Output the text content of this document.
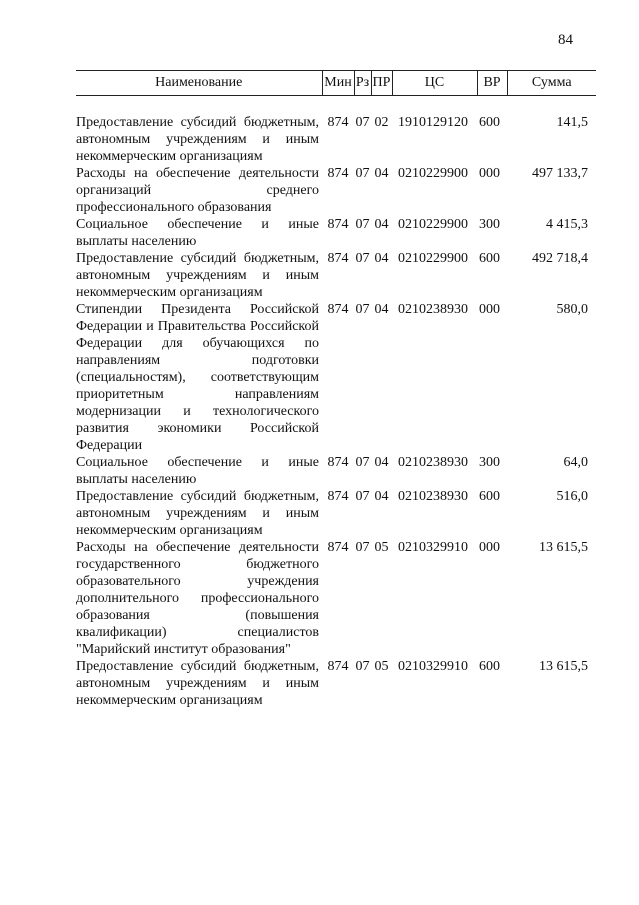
84
Наименование	Мин	Рз	ПР	ЦС	ВР	Сумма

Предоставление субсидий бюджетным, автономным учреждениям и иным некоммерческим организациям	874	07	02	1910129120	600	141,5
Расходы на обеспечение деятельности организаций среднего профессионального образования	874	07	04	0210229900	000	497 133,7
Социальное обеспечение и иные выплаты населению	874	07	04	0210229900	300	4 415,3
Предоставление субсидий бюджетным, автономным учреждениям и иным некоммерческим организациям	874	07	04	0210229900	600	492 718,4
Стипендии Президента Российской Федерации и Правительства Российской Федерации для обучающихся по направлениям подготовки (специальностям), соответствующим приоритетным направлениям модернизации и технологического развития экономики Российской Федерации	874	07	04	0210238930	000	580,0
Социальное обеспечение и иные выплаты населению	874	07	04	0210238930	300	64,0
Предоставление субсидий бюджетным, автономным учреждениям и иным некоммерческим организациям	874	07	04	0210238930	600	516,0
Расходы на обеспечение деятельности государственного бюджетного образовательного учреждения дополнительного профессионального образования (повышения квалификации) специалистов "Марийский институт образования"	874	07	05	0210329910	000	13 615,5
Предоставление субсидий бюджетным, автономным учреждениям и иным некоммерческим организациям	874	07	05	0210329910	600	13 615,5
